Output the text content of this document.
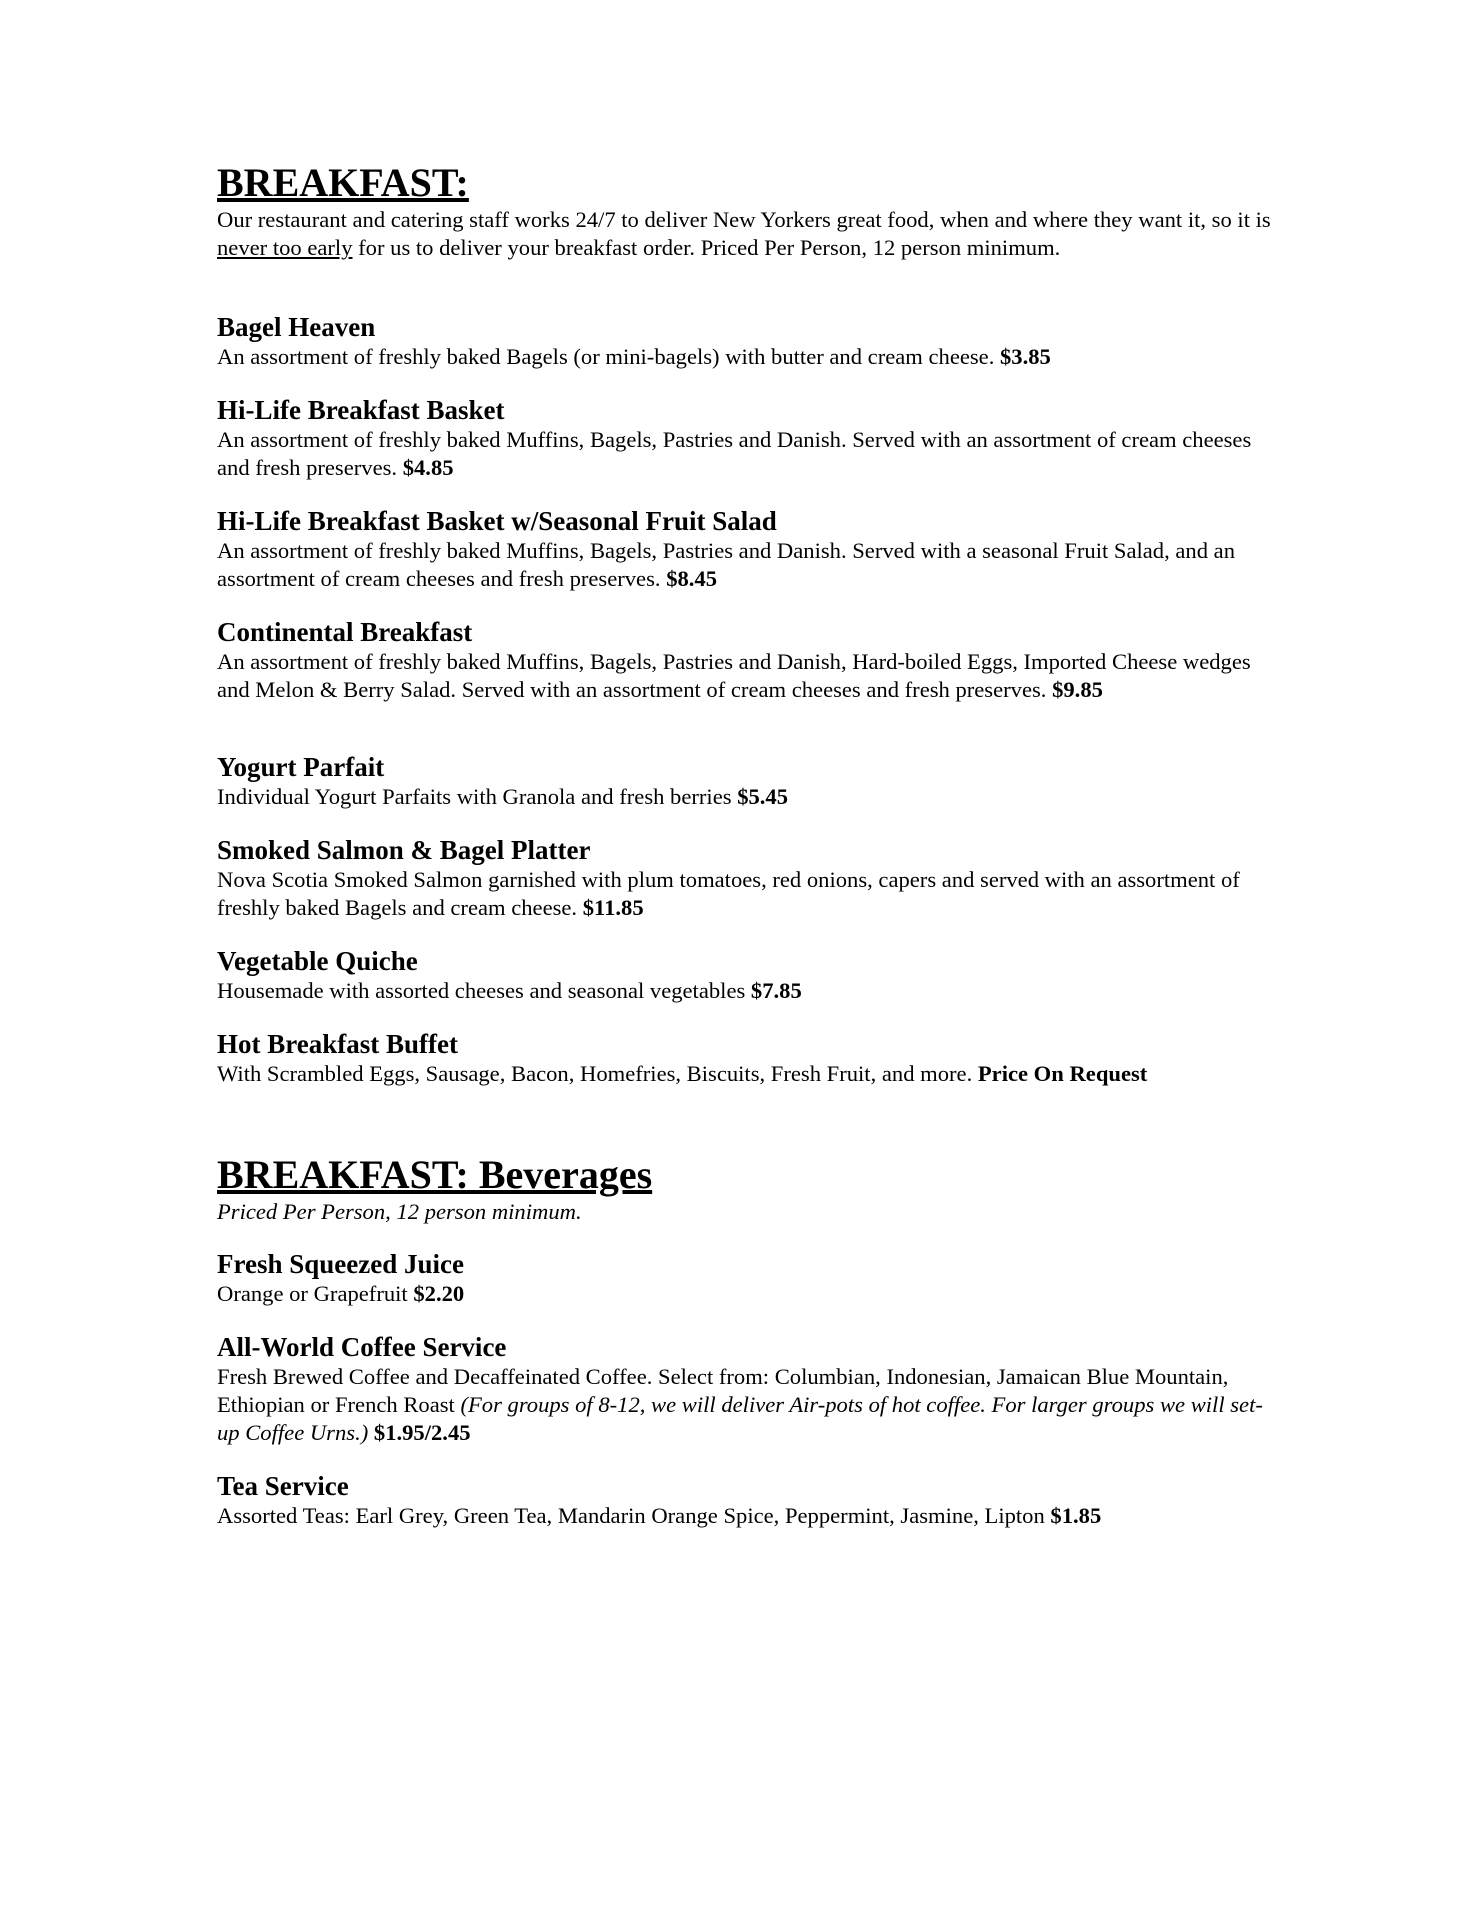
BREAKFAST:

Our restaurant and catering staff works 24/7 to deliver New Yorkers great food, when and where they want it, so it is never too early for us to deliver your breakfast order. Priced Per Person, 12 person minimum.

Bagel Heaven

An assortment of freshly baked Bagels (or mini-bagels) with butter and cream cheese. $3.85

Hi-Life Breakfast Basket

An assortment of freshly baked Muffins, Bagels, Pastries and Danish. Served with an assortment of cream cheeses and fresh preserves. $4.85

Hi-Life Breakfast Basket w/Seasonal Fruit Salad

An assortment of freshly baked Muffins, Bagels, Pastries and Danish. Served with a seasonal Fruit Salad, and an assortment of cream cheeses and fresh preserves. $8.45

Continental Breakfast

An assortment of freshly baked Muffins, Bagels, Pastries and Danish, Hard-boiled Eggs, Imported Cheese wedges and Melon & Berry Salad. Served with an assortment of cream cheeses and fresh preserves. $9.85

Yogurt Parfait

Individual Yogurt Parfaits with Granola and fresh berries $5.45

Smoked Salmon & Bagel Platter

Nova Scotia Smoked Salmon garnished with plum tomatoes, red onions, capers and served with an assortment of freshly baked Bagels and cream cheese. $11.85

Vegetable Quiche

Housemade with assorted cheeses and seasonal vegetables $7.85

Hot Breakfast Buffet

With Scrambled Eggs, Sausage, Bacon, Homefries, Biscuits, Fresh Fruit, and more. Price On Request

BREAKFAST: Beverages

Priced Per Person, 12 person minimum.

Fresh Squeezed Juice

Orange or Grapefruit $2.20

All-World Coffee Service

Fresh Brewed Coffee and Decaffeinated Coffee. Select from: Columbian, Indonesian, Jamaican Blue Mountain, Ethiopian or French Roast (For groups of 8-12, we will deliver Air-pots of hot coffee. For larger groups we will set-up Coffee Urns.) $1.95/2.45

Tea Service

Assorted Teas: Earl Grey, Green Tea, Mandarin Orange Spice, Peppermint, Jasmine, Lipton $1.85
